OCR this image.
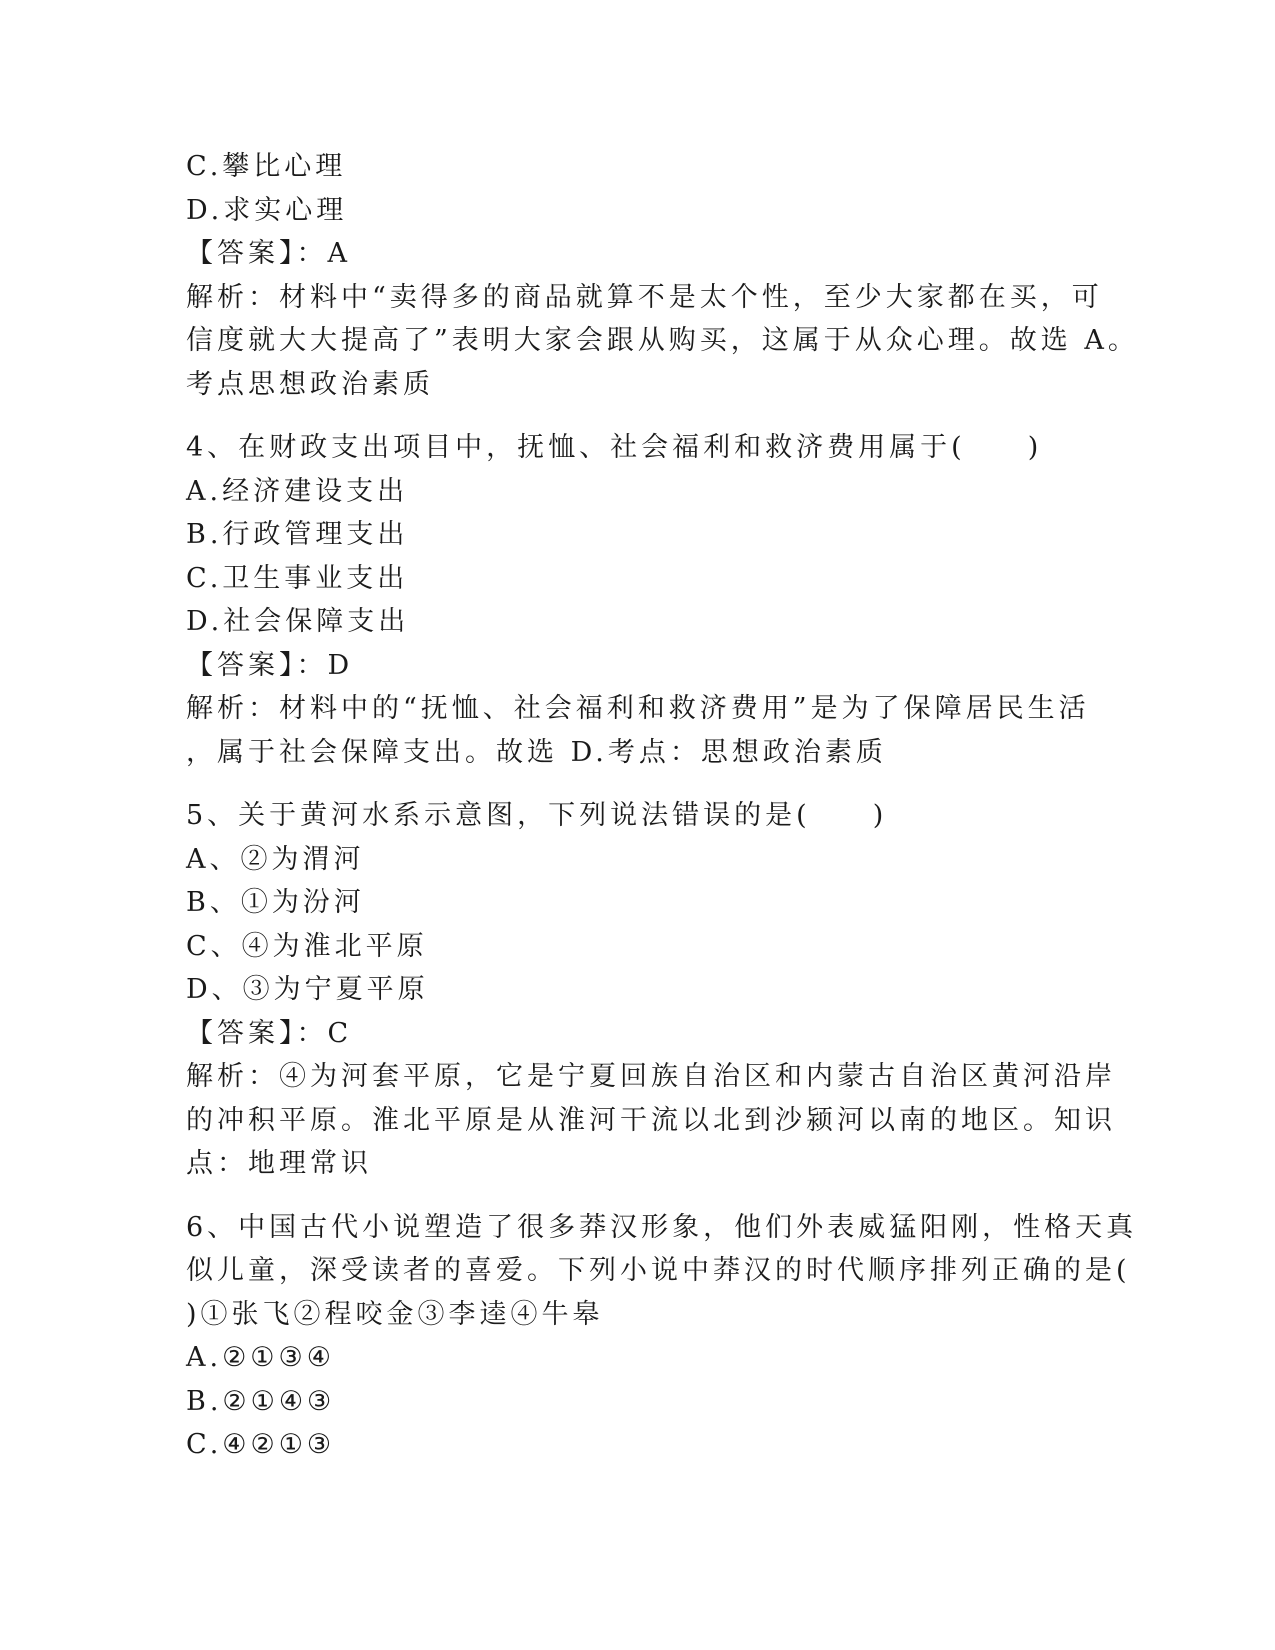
C.攀比心理
D.求实心理
【答案】：A
解析：材料中“卖得多的商品就算不是太个性，至少大家都在买，可
信度就大大提高了”表明大家会跟从购买，这属于从众心理。故选 A。
考点思想政治素质
4、在财政支出项目中，抚恤、社会福利和救济费用属于(　　)
A.经济建设支出
B.行政管理支出
C.卫生事业支出
D.社会保障支出
【答案】：D
解析：材料中的“抚恤、社会福利和救济费用”是为了保障居民生活
，属于社会保障支出。故选 D.考点：思想政治素质
5、关于黄河水系示意图，下列说法错误的是(　　)
A、②为渭河
B、①为汾河
C、④为淮北平原
D、③为宁夏平原
【答案】：C
解析：④为河套平原，它是宁夏回族自治区和内蒙古自治区黄河沿岸
的冲积平原。淮北平原是从淮河干流以北到沙颍河以南的地区。知识
点：地理常识
6、中国古代小说塑造了很多莽汉形象，他们外表威猛阳刚，性格天真
似儿童，深受读者的喜爱。下列小说中莽汉的时代顺序排列正确的是(
)①张飞②程咬金③李逵④牛皋
A.②①③④
B.②①④③
C.④②①③
